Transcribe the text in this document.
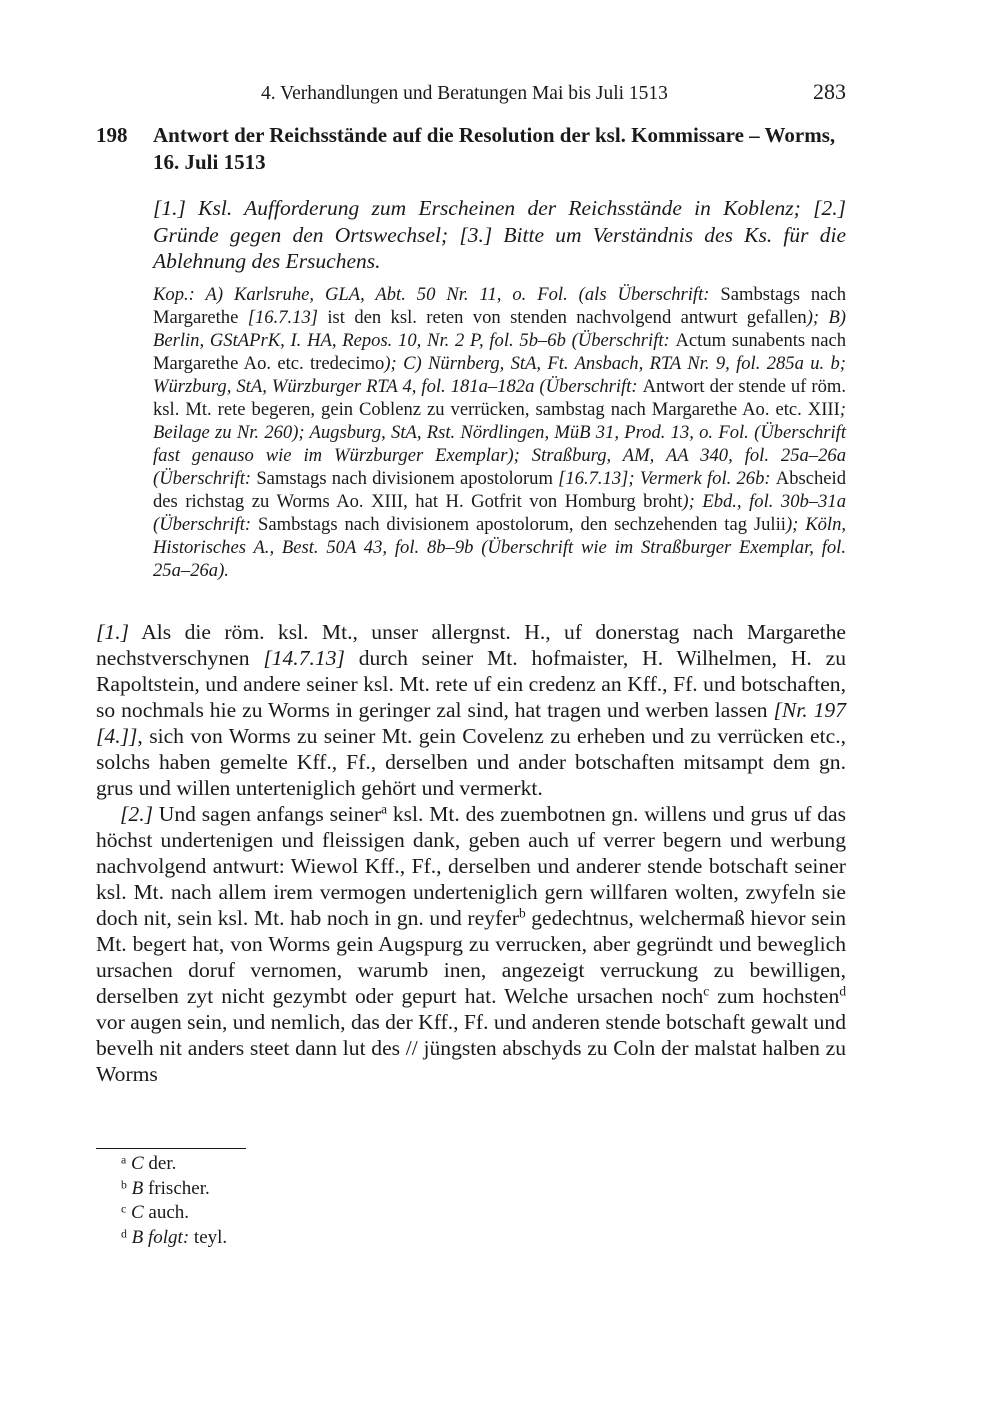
4. Verhandlungen und Beratungen Mai bis Juli 1513	283
198 Antwort der Reichsstände auf die Resolution der ksl. Kommissare – Worms, 16. Juli 1513
[1.] Ksl. Aufforderung zum Erscheinen der Reichsstände in Koblenz; [2.] Gründe gegen den Ortswechsel; [3.] Bitte um Verständnis des Ks. für die Ablehnung des Ersuchens.
Kop.: A) Karlsruhe, GLA, Abt. 50 Nr. 11, o. Fol. (als Überschrift: Sambstags nach Margarethe [16.7.13] ist den ksl. reten von stenden nachvolgend antwurt gefallen); B) Berlin, GStAPrK, I. HA, Repos. 10, Nr. 2 P, fol. 5b–6b (Überschrift: Actum sunabents nach Margarethe Ao. etc. tredecimo); C) Nürnberg, StA, Ft. Ansbach, RTA Nr. 9, fol. 285a u. b; Würzburg, StA, Würzburger RTA 4, fol. 181a–182a (Überschrift: Antwort der stende uf röm. ksl. Mt. rete begeren, gein Coblenz zu verrücken, sambstag nach Margarethe Ao. etc. XIII; Beilage zu Nr. 260); Augsburg, StA, Rst. Nördlingen, MüB 31, Prod. 13, o. Fol. (Überschrift fast genauso wie im Würzburger Exemplar); Straßburg, AM, AA 340, fol. 25a–26a (Überschrift: Samstags nach divisionem apostolorum [16.7.13]; Vermerk fol. 26b: Abscheid des richstag zu Worms Ao. XIII, hat H. Gotfrit von Homburg broht); Ebd., fol. 30b–31a (Überschrift: Sambstags nach divisionem apostolorum, den sechzehenden tag Julii); Köln, Historisches A., Best. 50A 43, fol. 8b–9b (Überschrift wie im Straßburger Exemplar, fol. 25a–26a).

[1.] Als die röm. ksl. Mt., unser allergnst. H., uf donerstag nach Margarethe nechstverschynen [14.7.13] durch seiner Mt. hofmaister, H. Wilhelmen, H. zu Rapoltstein, und andere seiner ksl. Mt. rete uf ein credenz an Kff., Ff. und botschaften, so nochmals hie zu Worms in geringer zal sind, hat tragen und werben lassen [Nr. 197 [4.]], sich von Worms zu seiner Mt. gein Covelenz zu erheben und zu verrücken etc., solchs haben gemelte Kff., Ff., derselben und ander botschaften mitsampt dem gn. grus und willen unterteniglich gehört und vermerkt.

[2.] Und sagen anfangs seiner$^a$ ksl. Mt. des zuembotnen gn. willens und grus uf das höchst undertenigen und fleissigen dank, geben auch uf verrer begern und werbung nachvolgend antwurt: Wiewol Kff., Ff., derselben und anderer stende botschaft seiner ksl. Mt. nach allem irem vermogen underteniglich gern willfaren wolten, zwyfeln sie doch nit, sein ksl. Mt. hab noch in gn. und reyfer$^b$ gedechtnus, welchermaß hievor sein Mt. begert hat, von Worms gein Augspurg zu verrucken, aber gegründt und beweglich ursachen doruf vernomen, warumb inen, angezeigt verruckung zu bewilligen, derselben zyt nicht gezymbt oder gepurt hat. Welche ursachen noch$^c$ zum hochsten$^d$ vor augen sein, und nemlich, das der Kff., Ff. und anderen stende botschaft gewalt und bevelh nit anders steet dann lut des // jüngsten abschyds zu Coln der malstat halben zu Worms

$^a$ C der.
$^b$ B frischer.
$^c$ C auch.
$^d$ B folgt: teyl.
